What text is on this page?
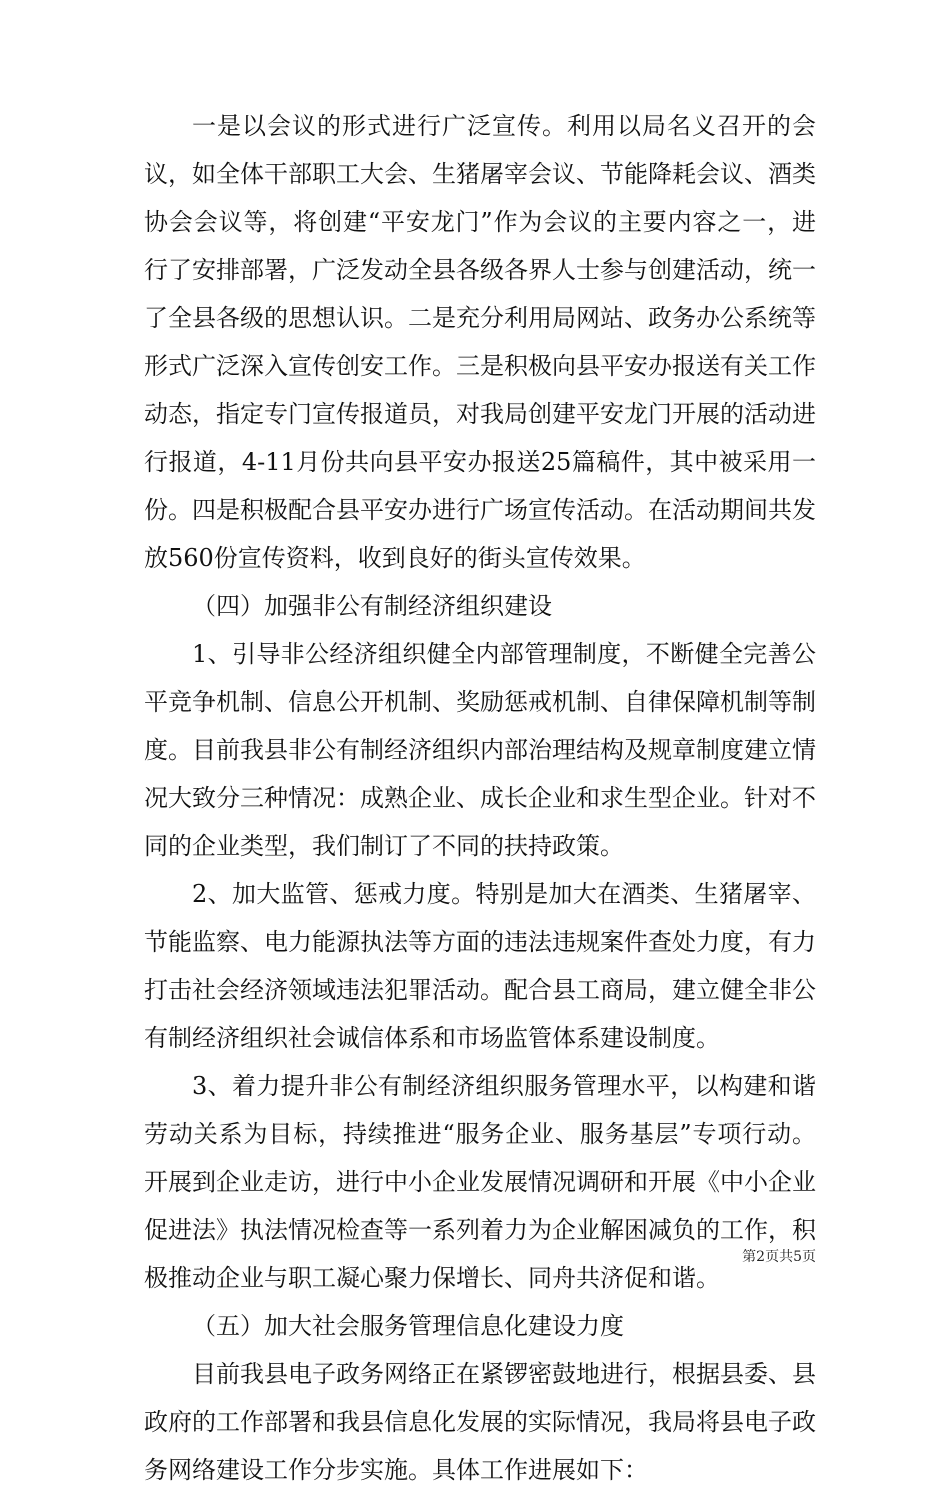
一是以会议的形式进行广泛宣传。利用以局名义召开的会议，如全体干部职工大会、生猪屠宰会议、节能降耗会议、酒类协会会议等，将创建“平安龙门”作为会议的主要内容之一，进行了安排部署，广泛发动全县各级各界人士参与创建活动，统一了全县各级的思想认识。二是充分利用局网站、政务办公系统等形式广泛深入宣传创安工作。三是积极向县平安办报送有关工作动态，指定专门宣传报道员，对我局创建平安龙门开展的活动进行报道，4-11月份共向县平安办报送25篇稿件，其中被采用一份。四是积极配合县平安办进行广场宣传活动。在活动期间共发放560份宣传资料，收到良好的街头宣传效果。

（四）加强非公有制经济组织建设

1、引导非公经济组织健全内部管理制度，不断健全完善公平竞争机制、信息公开机制、奖励惩戒机制、自律保障机制等制度。目前我县非公有制经济组织内部治理结构及规章制度建立情况大致分三种情况：成熟企业、成长企业和求生型企业。针对不同的企业类型，我们制订了不同的扶持政策。

2、加大监管、惩戒力度。特别是加大在酒类、生猪屠宰、节能监察、电力能源执法等方面的违法违规案件查处力度，有力打击社会经济领域违法犯罪活动。配合县工商局，建立健全非公有制经济组织社会诚信体系和市场监管体系建设制度。

3、着力提升非公有制经济组织服务管理水平，以构建和谐劳动关系为目标，持续推进“服务企业、服务基层”专项行动。开展到企业走访，进行中小企业发展情况调研和开展《中小企业促进法》执法情况检查等一系列着力为企业解困减负的工作，积极推动企业与职工凝心聚力保增长、同舟共济促和谐。

（五）加大社会服务管理信息化建设力度

目前我县电子政务网络正在紧锣密鼓地进行，根据县委、县政府的工作部署和我县信息化发展的实际情况，我局将县电子政务网络建设工作分步实施。具体工作进展如下：

第2页共5页
